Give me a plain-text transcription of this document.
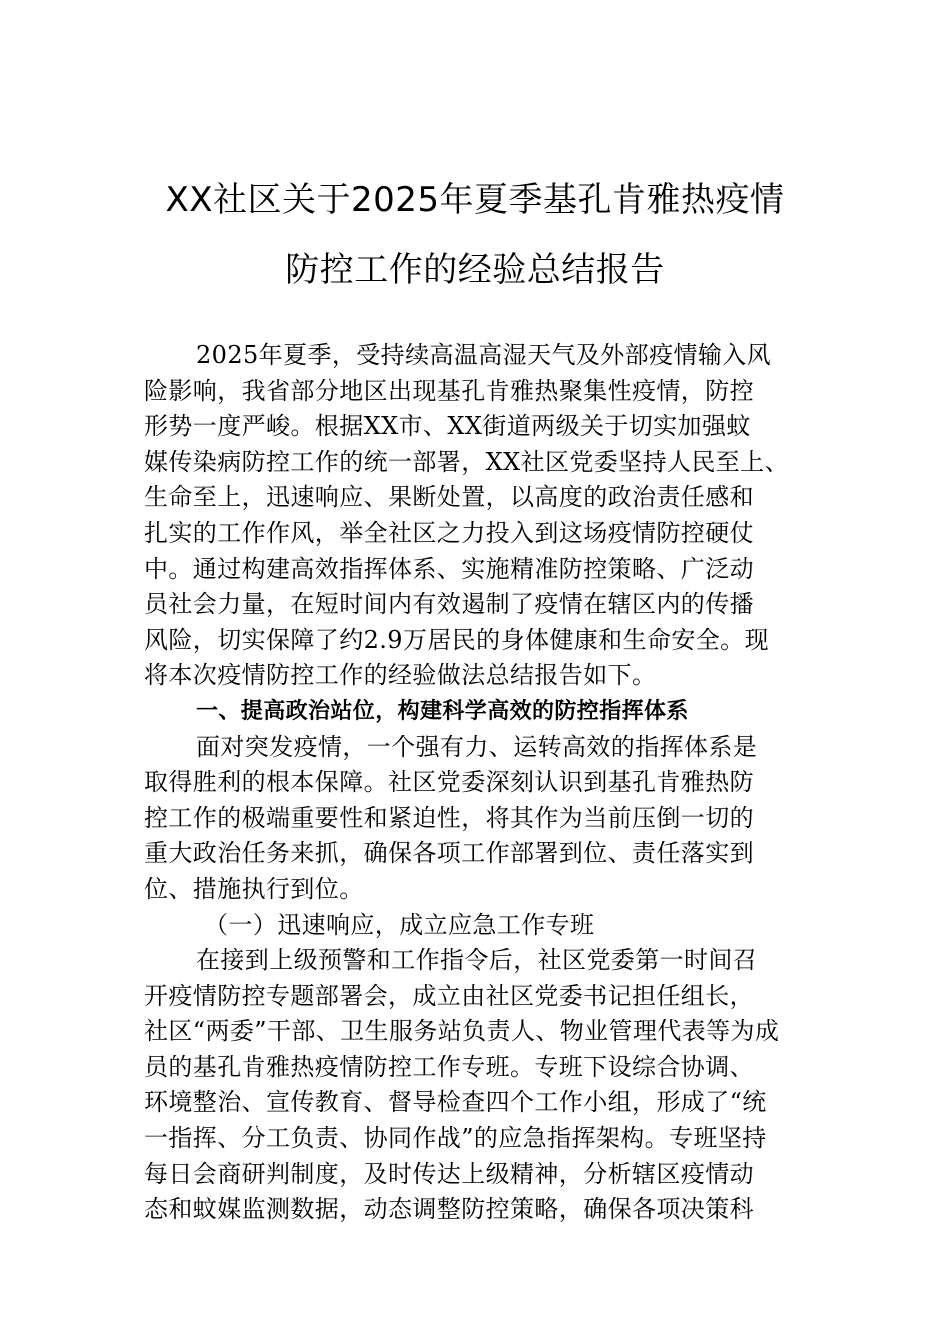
XX社区关于2025年夏季基孔肯雅热疫情
防控工作的经验总结报告
2025年夏季，受持续高温高湿天气及外部疫情输入风
险影响，我省部分地区出现基孔肯雅热聚集性疫情，防控
形势一度严峻。根据XX市、XX街道两级关于切实加强蚊
媒传染病防控工作的统一部署，XX社区党委坚持人民至上、
生命至上，迅速响应、果断处置，以高度的政治责任感和
扎实的工作作风，举全社区之力投入到这场疫情防控硬仗
中。通过构建高效指挥体系、实施精准防控策略、广泛动
员社会力量，在短时间内有效遏制了疫情在辖区内的传播
风险，切实保障了约2.9万居民的身体健康和生命安全。现
将本次疫情防控工作的经验做法总结报告如下。
一、提高政治站位，构建科学高效的防控指挥体系
面对突发疫情，一个强有力、运转高效的指挥体系是
取得胜利的根本保障。社区党委深刻认识到基孔肯雅热防
控工作的极端重要性和紧迫性，将其作为当前压倒一切的
重大政治任务来抓，确保各项工作部署到位、责任落实到
位、措施执行到位。
（一）迅速响应，成立应急工作专班
在接到上级预警和工作指令后，社区党委第一时间召
开疫情防控专题部署会，成立由社区党委书记担任组长，
社区“两委”干部、卫生服务站负责人、物业管理代表等为成
员的基孔肯雅热疫情防控工作专班。专班下设综合协调、
环境整治、宣传教育、督导检查四个工作小组，形成了“统
一指挥、分工负责、协同作战”的应急指挥架构。专班坚持
每日会商研判制度，及时传达上级精神，分析辖区疫情动
态和蚊媒监测数据，动态调整防控策略，确保各项决策科
